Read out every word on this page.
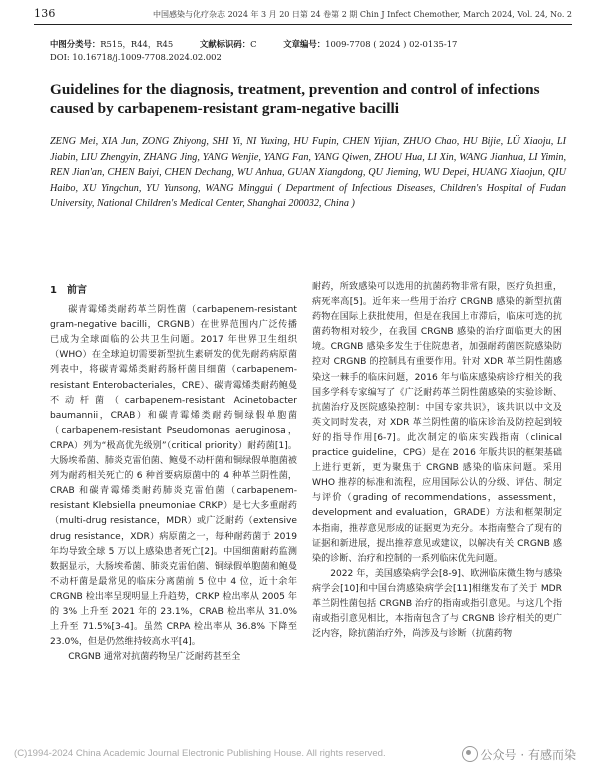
136	中国感染与化疗杂志 2024 年 3 月 20 日第 24 卷第 2 期 Chin J Infect Chemother, March 2024, Vol. 24, No. 2
中图分类号：R515，R44，R45	文献标识码：C	文章编号：1009-7708 ( 2024 ) 02-0135-17
DOI: 10.16718/j.1009-7708.2024.02.002
Guidelines for the diagnosis, treatment, prevention and control of infections caused by carbapenem-resistant gram-negative bacilli
ZENG Mei, XIA Jun, ZONG Zhiyong, SHI Yi, NI Yuxing, HU Fupin, CHEN Yijian, ZHUO Chao, HU Bijie, LÜ Xiaoju, LI Jiabin, LIU Zhengyin, ZHANG Jing, YANG Wenjie, YANG Fan, YANG Qiwen, ZHOU Hua, LI Xin, WANG Jianhua, LI Yimin, REN Jian'an, CHEN Baiyi, CHEN Dechang, WU Anhua, GUAN Xiangdong, QU Jieming, WU Depei, HUANG Xiaojun, QIU Haibo, XU Yingchun, YU Yunsong, WANG Minggui ( Department of Infectious Diseases, Children's Hospital of Fudan University, National Children's Medical Center, Shanghai 200032, China )
1　前言

碳青霉烯类耐药革兰阴性菌（carbapenem-resistant gram-negative bacilli，CRGNB）在世界范围内广泛传播已成为全球面临的公共卫生问题。2017 年世界卫生组织（WHO）在全球迫切需要新型抗生素研发的优先耐药病原菌列表中，将碳青霉烯类耐药肠杆菌目细菌（carbapenem-resistant Enterobacteriales，CRE）、碳青霉烯类耐药鲍曼不动杆菌（carbapenem-resistant Acinetobacter baumannii，CRAB）和碳青霉烯类耐药铜绿假单胞菌（carbapenem-resistant Pseudomonas aeruginosa，CRPA）列为“极高优先级别”（critical priority）耐药菌[1]。大肠埃希菌、肺炎克雷伯菌、鲍曼不动杆菌和铜绿假单胞菌被列为耐药相关死亡的 6 种首要病原菌中的 4 种革兰阴性菌，CRAB 和碳青霉烯类耐药肺炎克雷伯菌（carbapenem-resistant Klebsiella pneumoniae CRKP）是七大多重耐药（multi-drug resistance，MDR）或广泛耐药（extensive drug resistance，XDR）病原菌之一，每种耐药菌于 2019 年均导致全球 5 万以上感染患者死亡[2]。中国细菌耐药监测数据显示，大肠埃希菌、肺炎克雷伯菌、铜绿假单胞菌和鲍曼不动杆菌是最常见的临床分离菌前 5 位中 4 位，近十余年 CRGNB 检出率呈现明显上升趋势，CRKP 检出率从 2005 年的 3% 上升至 2021 年的 23.1%，CRAB 检出率从 31.0% 上升至 71.5%[3-4]。虽然 CRPA 检出率从 36.8% 下降至 23.0%，但是仍然维持较高水平[4]。

CRGNB 通常对抗菌药物呈广泛耐药甚至全

耐药，所致感染可以选用的抗菌药物非常有限，医疗负担重，病死率高[5]。近年来一些用于治疗 CRGNB 感染的新型抗菌药物在国际上获批使用，但是在我国上市滞后，临床可选的抗菌药物相对较少，在我国 CRGNB 感染的治疗面临更大的困境。CRGNB 感染多发生于住院患者，加强耐药菌医院感染防控对 CRGNB 的控制具有重要作用。针对 XDR 革兰阴性菌感染这一棘手的临床问题，2016 年与临床感染病诊疗相关的我国多学科专家编写了《广泛耐药革兰阴性菌感染的实验诊断、抗菌治疗及医院感染控制：中国专家共识》，该共识以中文及英文同时发表，对 XDR 革兰阴性菌的临床诊治及防控起到较好的指导作用[6-7]。此次制定的临床实践指南（clinical practice guideline，CPG）是在 2016 年版共识的框架基础上进行更新，更为聚焦于 CRGNB 感染的临床问题。采用 WHO 推荐的标准和流程，应用国际公认的分级、评估、制定与评价（grading of recommendations，assessment，development and evaluation，GRADE）方法和框架制定本指南，推荐意见形成的证据更为充分。本指南整合了现有的证据和新进展，提出推荐意见或建议，以解决有关 CRGNB 感染的诊断、治疗和控制的一系列临床优先问题。

2022 年，美国感染病学会[8-9]、欧洲临床微生物与感染病学会[10]和中国台湾感染病学会[11]相继发布了关于 MDR 革兰阴性菌包括 CRGNB 治疗的指南或指引意见。与这几个指南或指引意见相比，本指南包含了与 CRGNB 诊疗相关的更广泛内容，除抗菌治疗外，尚涉及与诊断（抗菌药物

(C)1994-2024 China Academic Journal Electronic Publishing House. All rights reserved.	公众号 · 有感而染
